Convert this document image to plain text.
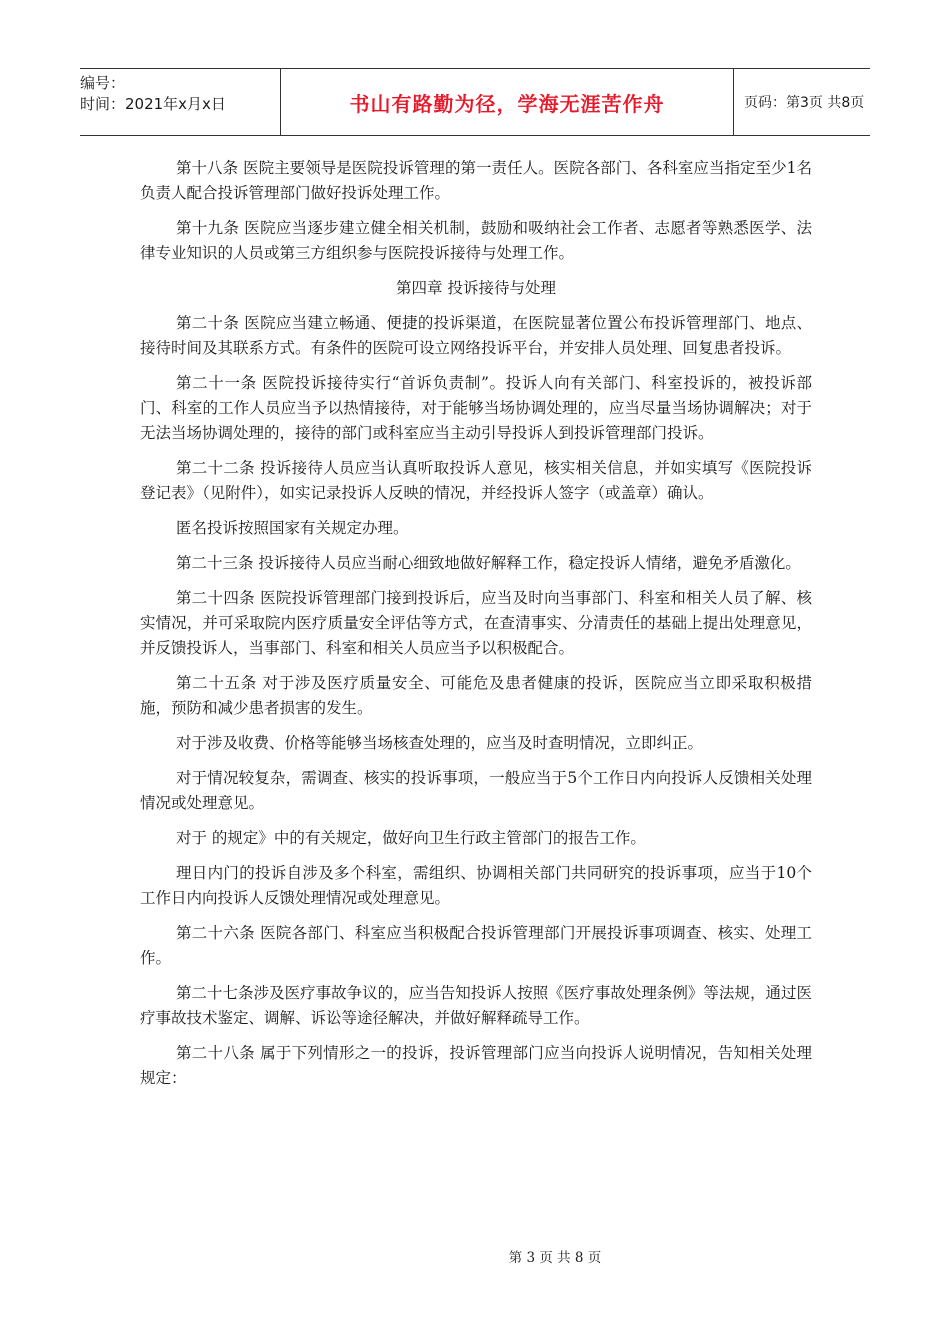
编号：
时间：2021年x月x日	书山有路勤为径，学海无涯苦作舟	页码：第3页 共8页

第十八条 医院主要领导是医院投诉管理的第一责任人。医院各部门、各科室应当指定至少1名负责人配合投诉管理部门做好投诉处理工作。

第十九条 医院应当逐步建立健全相关机制，鼓励和吸纳社会工作者、志愿者等熟悉医学、法律专业知识的人员或第三方组织参与医院投诉接待与处理工作。

第四章 投诉接待与处理

第二十条 医院应当建立畅通、便捷的投诉渠道，在医院显著位置公布投诉管理部门、地点、接待时间及其联系方式。有条件的医院可设立网络投诉平台，并安排人员处理、回复患者投诉。

第二十一条 医院投诉接待实行“首诉负责制”。投诉人向有关部门、科室投诉的，被投诉部门、科室的工作人员应当予以热情接待，对于能够当场协调处理的，应当尽量当场协调解决；对于无法当场协调处理的，接待的部门或科室应当主动引导投诉人到投诉管理部门投诉。

第二十二条 投诉接待人员应当认真听取投诉人意见，核实相关信息，并如实填写《医院投诉登记表》（见附件），如实记录投诉人反映的情况，并经投诉人签字（或盖章）确认。

匿名投诉按照国家有关规定办理。

第二十三条 投诉接待人员应当耐心细致地做好解释工作，稳定投诉人情绪，避免矛盾激化。

第二十四条 医院投诉管理部门接到投诉后，应当及时向当事部门、科室和相关人员了解、核实情况，并可采取院内医疗质量安全评估等方式，在查清事实、分清责任的基础上提出处理意见，并反馈投诉人，当事部门、科室和相关人员应当予以积极配合。

第二十五条 对于涉及医疗质量安全、可能危及患者健康的投诉，医院应当立即采取积极措施，预防和减少患者损害的发生。

对于涉及收费、价格等能够当场核查处理的，应当及时查明情况，立即纠正。

对于情况较复杂，需调查、核实的投诉事项，一般应当于5个工作日内向投诉人反馈相关处理情况或处理意见。

对于 的规定》中的有关规定，做好向卫生行政主管部门的报告工作。

理日内门的投诉自涉及多个科室，需组织、协调相关部门共同研究的投诉事项，应当于10个工作日内向投诉人反馈处理情况或处理意见。

第二十六条 医院各部门、科室应当积极配合投诉管理部门开展投诉事项调查、核实、处理工作。

第二十七条涉及医疗事故争议的，应当告知投诉人按照《医疗事故处理条例》等法规，通过医疗事故技术鉴定、调解、诉讼等途径解决，并做好解释疏导工作。

第二十八条 属于下列情形之一的投诉，投诉管理部门应当向投诉人说明情况，告知相关处理规定：

第 3 页 共 8 页
